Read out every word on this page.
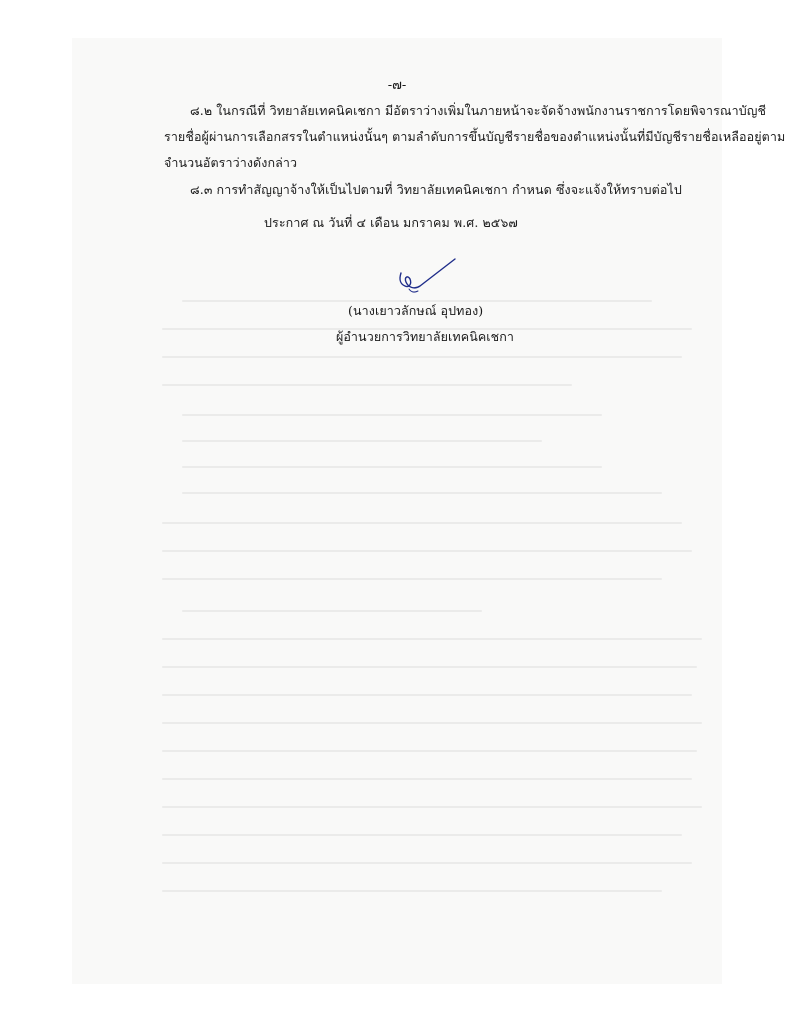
-๗-
๘.๒ ในกรณีที่ วิทยาลัยเทคนิคเชกา มีอัตราว่างเพิ่มในภายหน้าจะจัดจ้างพนักงานราชการโดยพิจารณาบัญชี
รายชื่อผู้ผ่านการเลือกสรรในตำแหน่งนั้นๆ ตามลำดับการขึ้นบัญชีรายชื่อของตำแหน่งนั้นที่มีบัญชีรายชื่อเหลืออยู่ตาม
จำนวนอัตราว่างดังกล่าว
๘.๓ การทำสัญญาจ้างให้เป็นไปตามที่ วิทยาลัยเทคนิคเชกา กำหนด ซึ่งจะแจ้งให้ทราบต่อไป
ประกาศ ณ วันที่ ๔ เดือน มกราคม พ.ศ. ๒๕๖๗
(นางเยาวลักษณ์ อุปทอง)
ผู้อำนวยการวิทยาลัยเทคนิคเชกา
